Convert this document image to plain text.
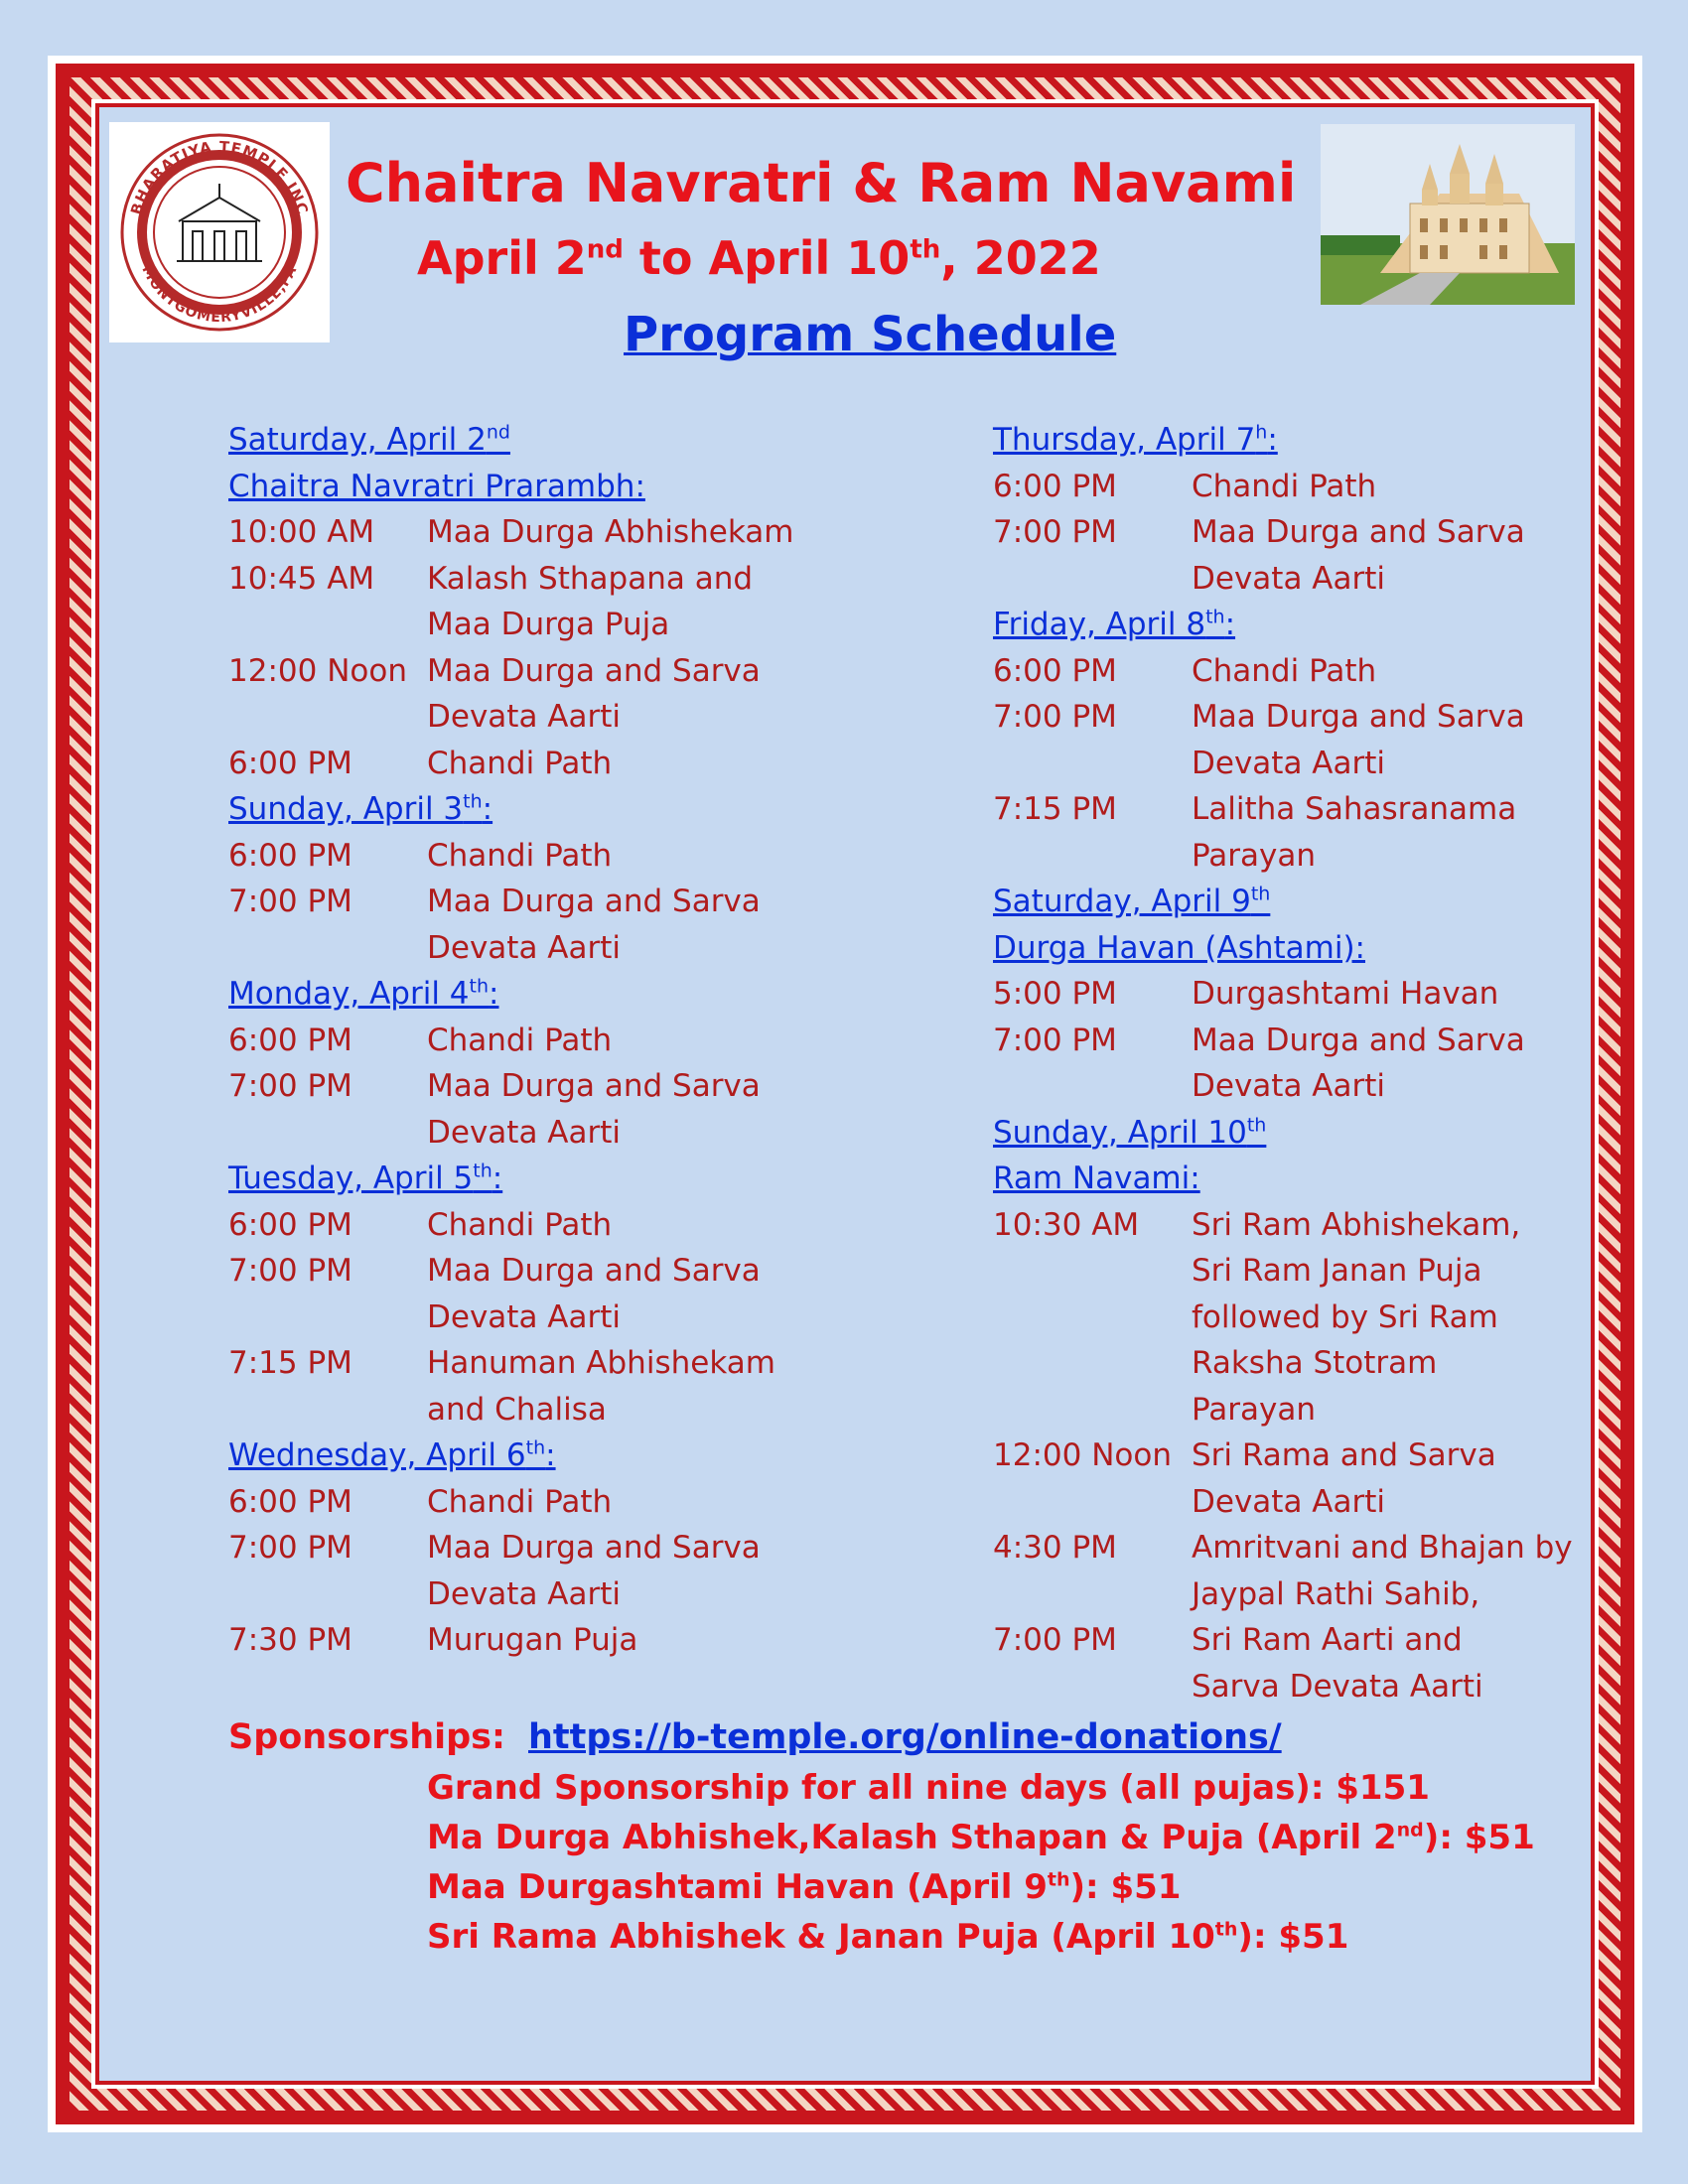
BHARATIYA TEMPLE INC
MONTGOMERYVILLE,PA
Chaitra Navratri & Ram Navami
April 2nd to April 10th, 2022
Program Schedule
Saturday, April 2nd
Chaitra Navratri Prarambh:
10:00 AM Maa Durga Abhishekam
10:45 AM Kalash Sthapana and
Maa Durga Puja
12:00 Noon Maa Durga and Sarva
Devata Aarti
6:00 PM Chandi Path
Sunday, April 3th:
6:00 PM Chandi Path
7:00 PM Maa Durga and Sarva
Devata Aarti
Monday, April 4th:
6:00 PM Chandi Path
7:00 PM Maa Durga and Sarva
Devata Aarti
Tuesday, April 5th:
6:00 PM Chandi Path
7:00 PM Maa Durga and Sarva
Devata Aarti
7:15 PM Hanuman Abhishekam
and Chalisa
Wednesday, April 6th:
6:00 PM Chandi Path
7:00 PM Maa Durga and Sarva
Devata Aarti
7:30 PM Murugan Puja
Thursday, April 7$^h$:
6:00 PM Chandi Path
7:00 PM Maa Durga and Sarva
Devata Aarti
Friday, April 8th:
6:00 PM Chandi Path
7:00 PM Maa Durga and Sarva
Devata Aarti
7:15 PM Lalitha Sahasranama
Parayan
Saturday, April 9th
Durga Havan (Ashtami):
5:00 PM Durgashtami Havan
7:00 PM Maa Durga and Sarva
Devata Aarti
Sunday, April 10th
Ram Navami:
10:30 AM Sri Ram Abhishekam,
Sri Ram Janan Puja
followed by Sri Ram
Raksha Stotram
Parayan
12:00 Noon Sri Rama and Sarva
Devata Aarti
4:30 PM Amritvani and Bhajan by
Jaypal Rathi Sahib,
7:00 PM Sri Ram Aarti and
Sarva Devata Aarti
Sponsorships: https://b-temple.org/online-donations/
Grand Sponsorship for all nine days (all pujas): $151
Ma Durga Abhishek,Kalash Sthapan & Puja (April 2nd): $51
Maa Durgashtami Havan (April 9th): $51
Sri Rama Abhishek & Janan Puja (April 10th): $51
